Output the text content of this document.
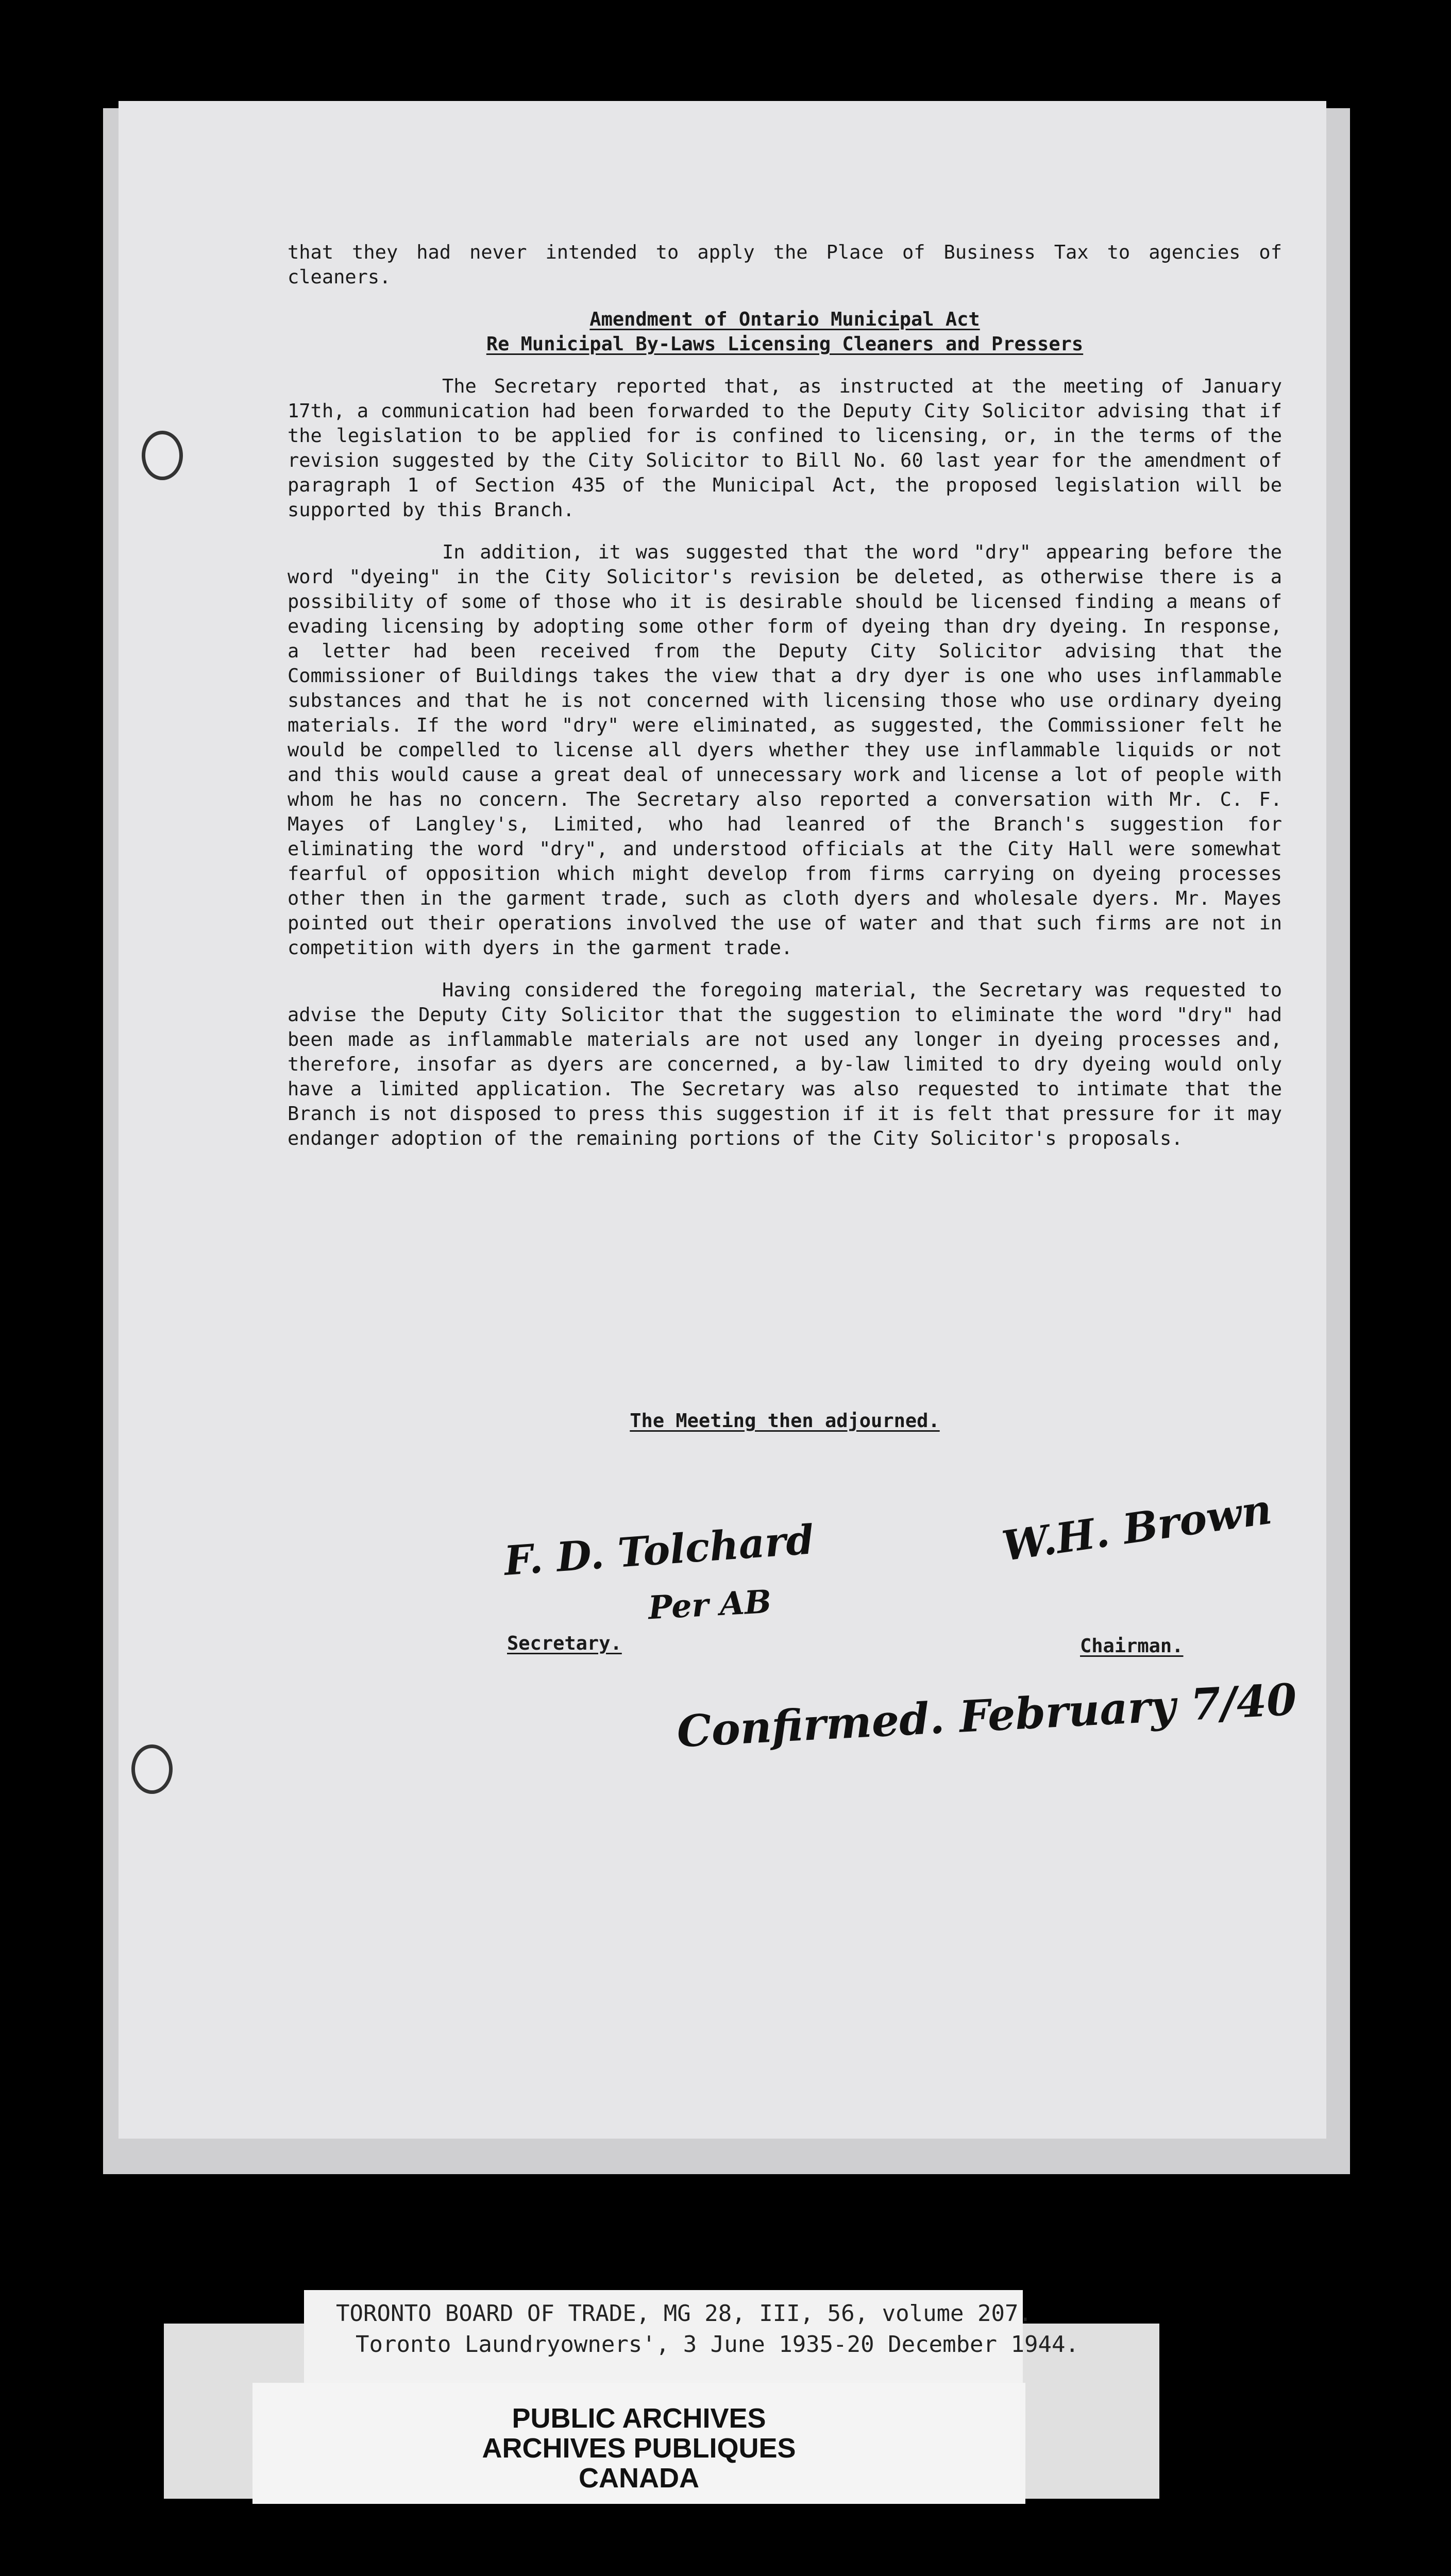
that they had never intended to apply the Place of Business Tax to agencies of cleaners.

Amendment of Ontario Municipal Act
Re Municipal By-Laws Licensing Cleaners and Pressers

The Secretary reported that, as instructed at the meeting of January 17th, a communication had been forwarded to the Deputy City Solicitor advising that if the legislation to be applied for is confined to licensing, or, in the terms of the revision suggested by the City Solicitor to Bill No. 60 last year for the amendment of paragraph 1 of Section 435 of the Municipal Act, the proposed legislation will be supported by this Branch.

In addition, it was suggested that the word "dry" appearing before the word "dyeing" in the City Solicitor's revision be deleted, as otherwise there is a possibility of some of those who it is desirable should be licensed finding a means of evading licensing by adopting some other form of dyeing than dry dyeing. In response, a letter had been received from the Deputy City Solicitor advising that the Commissioner of Buildings takes the view that a dry dyer is one who uses inflammable substances and that he is not concerned with licensing those who use ordinary dyeing materials. If the word "dry" were eliminated, as suggested, the Commissioner felt he would be compelled to license all dyers whether they use inflammable liquids or not and this would cause a great deal of unnecessary work and license a lot of people with whom he has no concern. The Secretary also reported a conversation with Mr. C. F. Mayes of Langley's, Limited, who had leanred of the Branch's suggestion for eliminating the word "dry", and understood officials at the City Hall were somewhat fearful of opposition which might develop from firms carrying on dyeing processes other then in the garment trade, such as cloth dyers and wholesale dyers. Mr. Mayes pointed out their operations involved the use of water and that such firms are not in competition with dyers in the garment trade.

Having considered the foregoing material, the Secretary was requested to advise the Deputy City Solicitor that the suggestion to eliminate the word "dry" had been made as inflammable materials are not used any longer in dyeing processes and, therefore, insofar as dyers are concerned, a by-law limited to dry dyeing would only have a limited application. The Secretary was also requested to intimate that the Branch is not disposed to press this suggestion if it is felt that pressure for it may endanger adoption of the remaining portions of the City Solicitor's proposals.

The Meeting then adjourned.
F. D. Tolchard
Per AB
Secretary.
W.H. Brown
Chairman.
Confirmed. February 7/40
TORONTO BOARD OF TRADE, MG 28, III, 56, volume 207.
Toronto Laundryowners', 3 June 1935-20 December 1944.
PUBLIC ARCHIVES
ARCHIVES PUBLIQUES
CANADA
